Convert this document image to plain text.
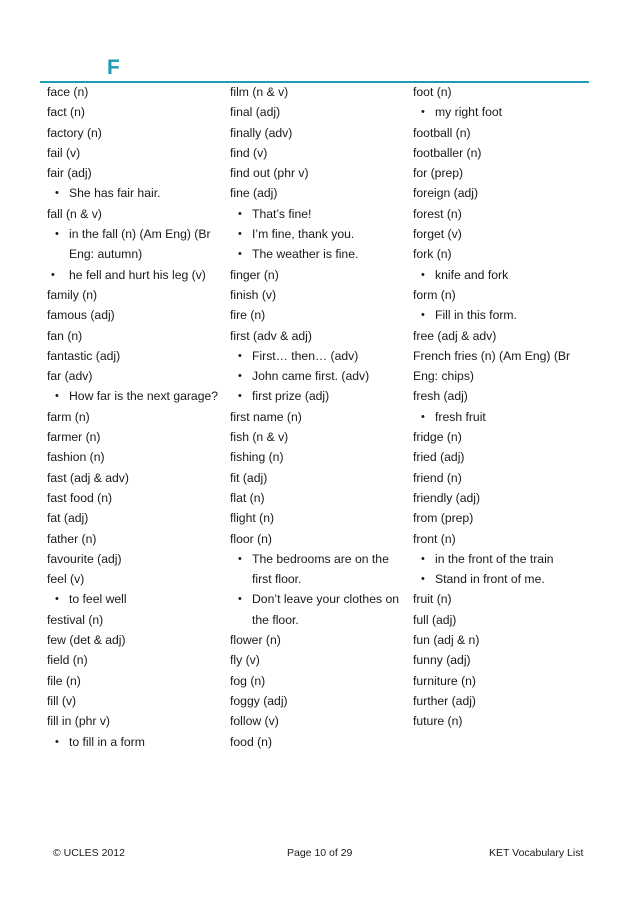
F
face (n)
fact (n)
factory (n)
fail (v)
fair (adj)
• She has fair hair.
fall (n & v)
• in the fall (n) (Am Eng) (Br Eng: autumn)
• he fell and hurt his leg (v)
family (n)
famous (adj)
fan (n)
fantastic (adj)
far (adv)
• How far is the next garage?
farm (n)
farmer (n)
fashion (n)
fast (adj & adv)
fast food (n)
fat (adj)
father (n)
favourite (adj)
feel (v)
• to feel well
festival (n)
few (det & adj)
field (n)
file (n)
fill (v)
fill in (phr v)
• to fill in a form
film (n & v)
final (adj)
finally (adv)
find (v)
find out (phr v)
fine (adj)
• That’s fine!
• I’m fine, thank you.
• The weather is fine.
finger (n)
finish (v)
fire (n)
first (adv & adj)
• First… then… (adv)
• John came first. (adv)
• first prize (adj)
first name (n)
fish (n & v)
fishing (n)
fit (adj)
flat (n)
flight (n)
floor (n)
• The bedrooms are on the first floor.
• Don’t leave your clothes on the floor.
flower (n)
fly (v)
fog (n)
foggy (adj)
follow (v)
food (n)
foot (n)
• my right foot
football (n)
footballer (n)
for (prep)
foreign (adj)
forest (n)
forget (v)
fork (n)
• knife and fork
form (n)
• Fill in this form.
free (adj & adv)
French fries (n) (Am Eng) (Br Eng: chips)
fresh (adj)
• fresh fruit
fridge (n)
fried (adj)
friend (n)
friendly (adj)
from (prep)
front (n)
• in the front of the train
• Stand in front of me.
fruit (n)
full (adj)
fun (adj & n)
funny (adj)
furniture (n)
further (adj)
future (n)
© UCLES 2012	Page 10 of 29	KET Vocabulary List
